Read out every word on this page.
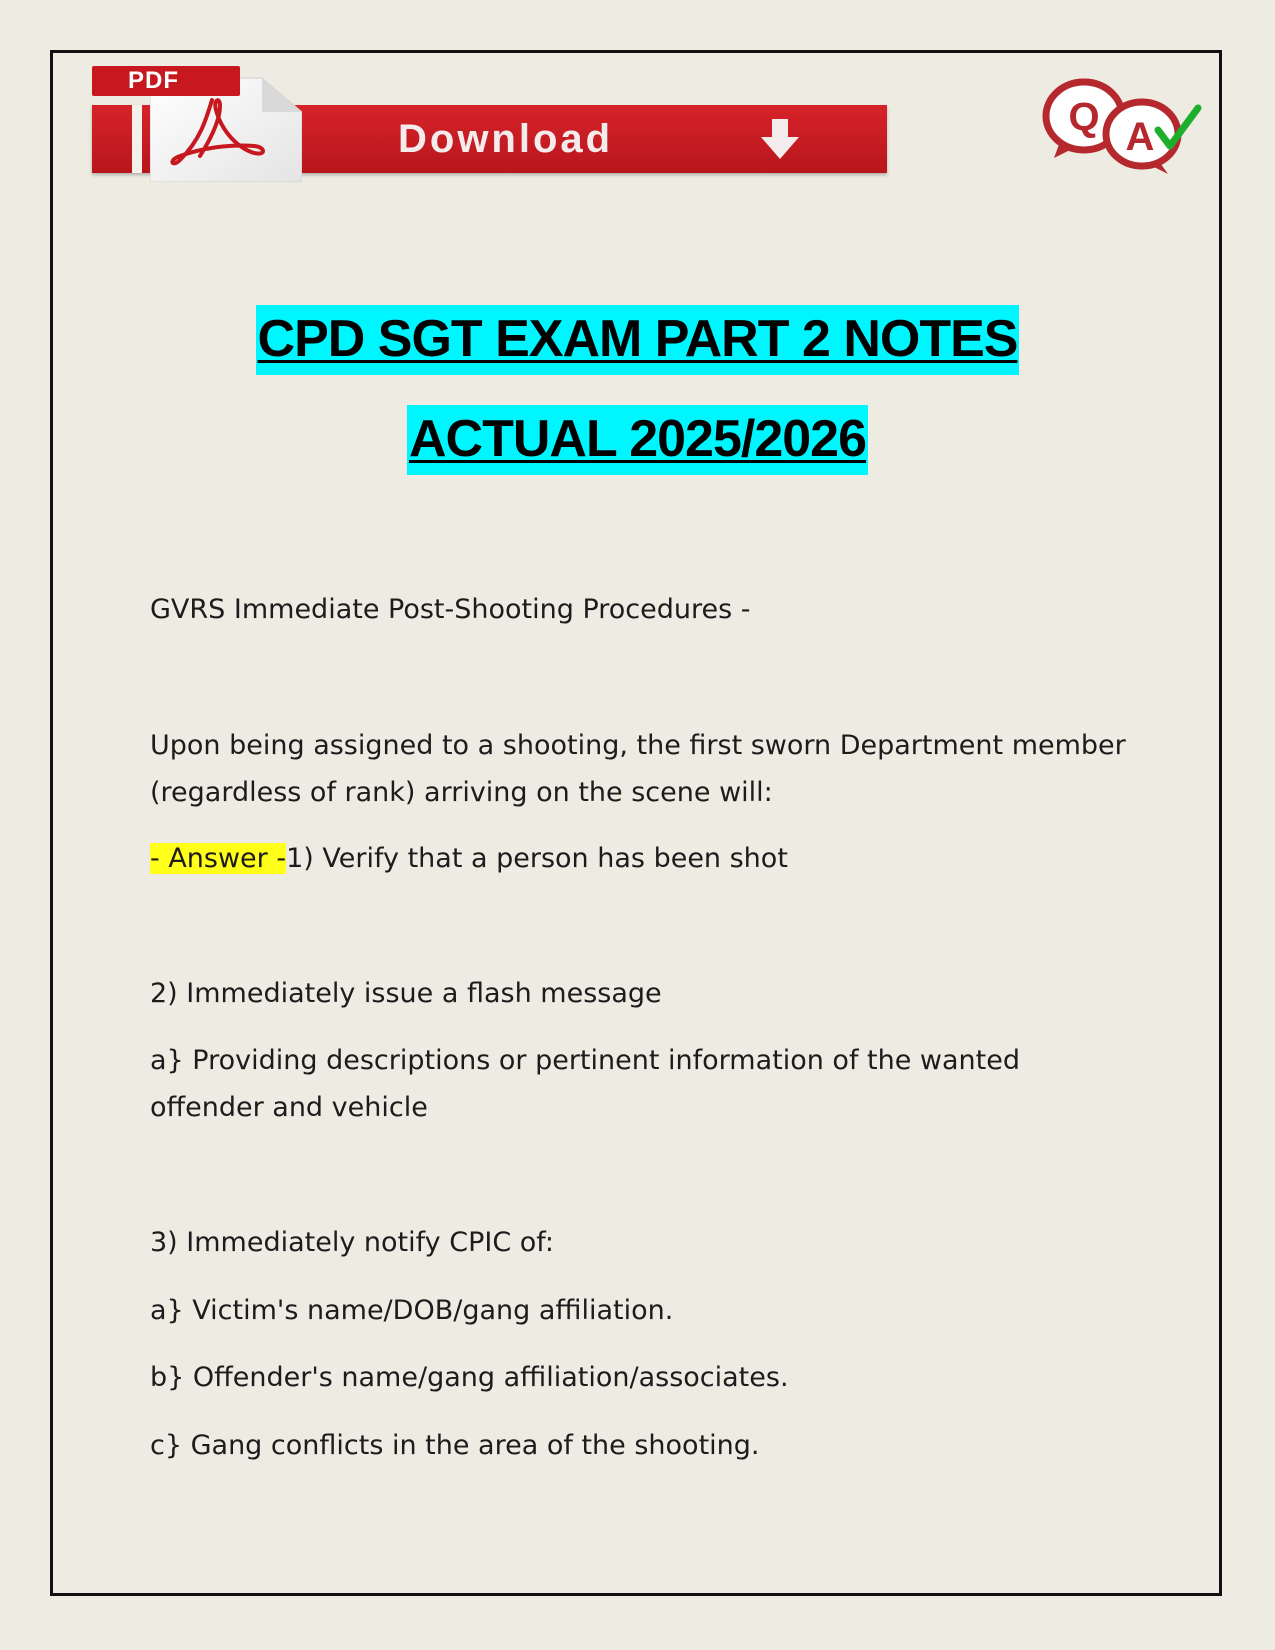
PDF
Download	Q A
CPD SGT EXAM PART 2 NOTES
ACTUAL 2025/2026

GVRS Immediate Post-Shooting Procedures -

Upon being assigned to a shooting, the first sworn Department member (regardless of rank) arriving on the scene will:

- Answer -1) Verify that a person has been shot

2) Immediately issue a flash message

a} Providing descriptions or pertinent information of the wanted offender and vehicle

3) Immediately notify CPIC of:

a} Victim's name/DOB/gang affiliation.

b} Offender's name/gang affiliation/associates.

c} Gang conflicts in the area of the shooting.
